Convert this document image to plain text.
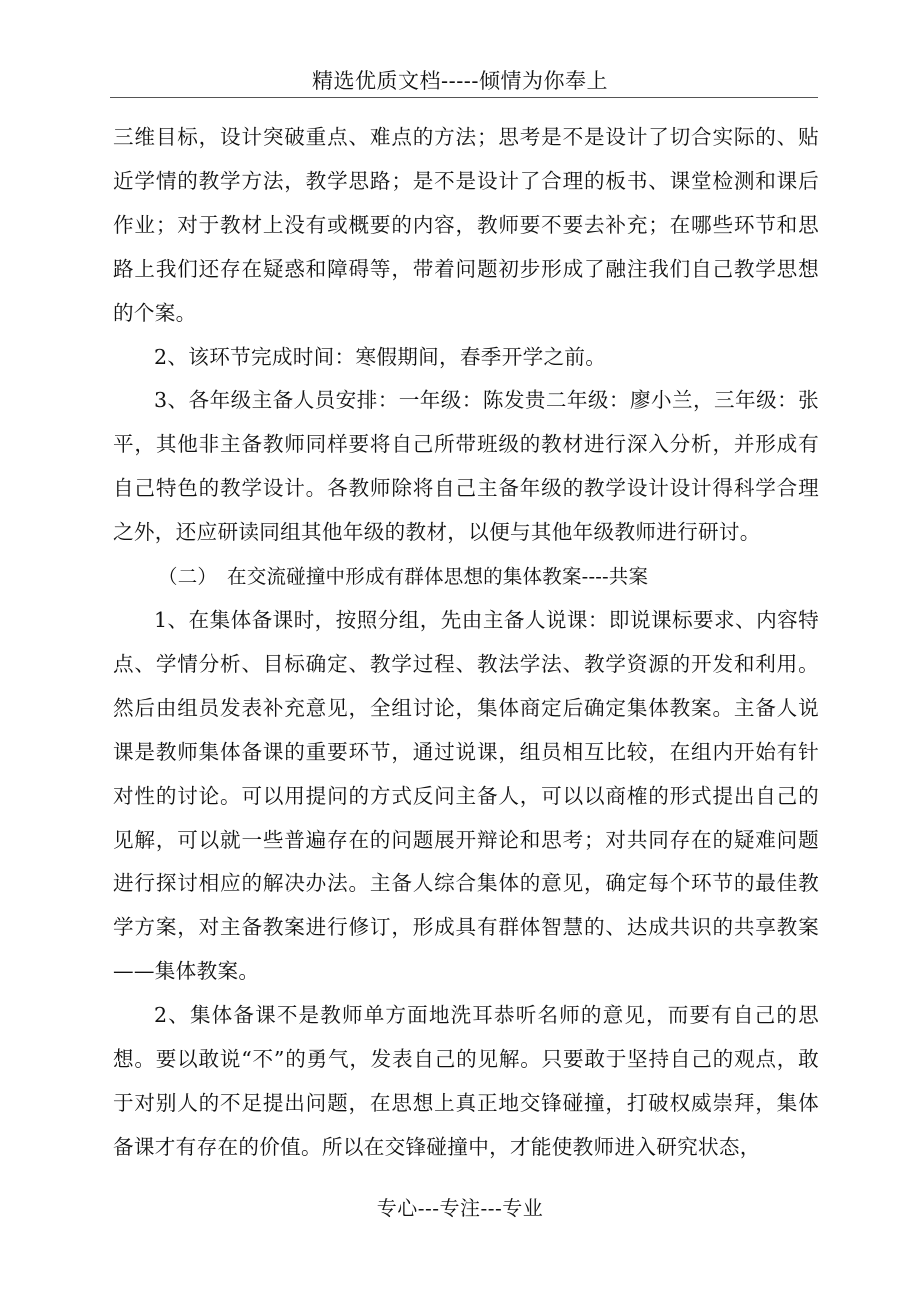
精选优质文档-----倾情为你奉上

三维目标，设计突破重点、难点的方法；思考是不是设计了切合实际的、贴近学情的教学方法，教学思路；是不是设计了合理的板书、课堂检测和课后作业；对于教材上没有或概要的内容，教师要不要去补充；在哪些环节和思路上我们还存在疑惑和障碍等，带着问题初步形成了融注我们自己教学思想的个案。

2、该环节完成时间：寒假期间，春季开学之前。

3、各年级主备人员安排：一年级：陈发贵二年级：廖小兰，三年级：张平，其他非主备教师同样要将自己所带班级的教材进行深入分析，并形成有自己特色的教学设计。各教师除将自己主备年级的教学设计设计得科学合理之外，还应研读同组其他年级的教材，以便与其他年级教师进行研讨。

（二）　在交流碰撞中形成有群体思想的集体教案----共案

1、在集体备课时，按照分组，先由主备人说课：即说课标要求、内容特点、学情分析、目标确定、教学过程、教法学法、教学资源的开发和利用。然后由组员发表补充意见，全组讨论，集体商定后确定集体教案。主备人说课是教师集体备课的重要环节，通过说课，组员相互比较，在组内开始有针对性的讨论。可以用提问的方式反问主备人，可以以商榷的形式提出自己的见解，可以就一些普遍存在的问题展开辩论和思考；对共同存在的疑难问题进行探讨相应的解决办法。主备人综合集体的意见，确定每个环节的最佳教学方案，对主备教案进行修订，形成具有群体智慧的、达成共识的共享教案——集体教案。

2、集体备课不是教师单方面地洗耳恭听名师的意见，而要有自己的思想。要以敢说“不”的勇气，发表自己的见解。只要敢于坚持自己的观点，敢于对别人的不足提出问题，在思想上真正地交锋碰撞，打破权威崇拜，集体备课才有存在的价值。所以在交锋碰撞中，才能使教师进入研究状态，

专心---专注---专业
